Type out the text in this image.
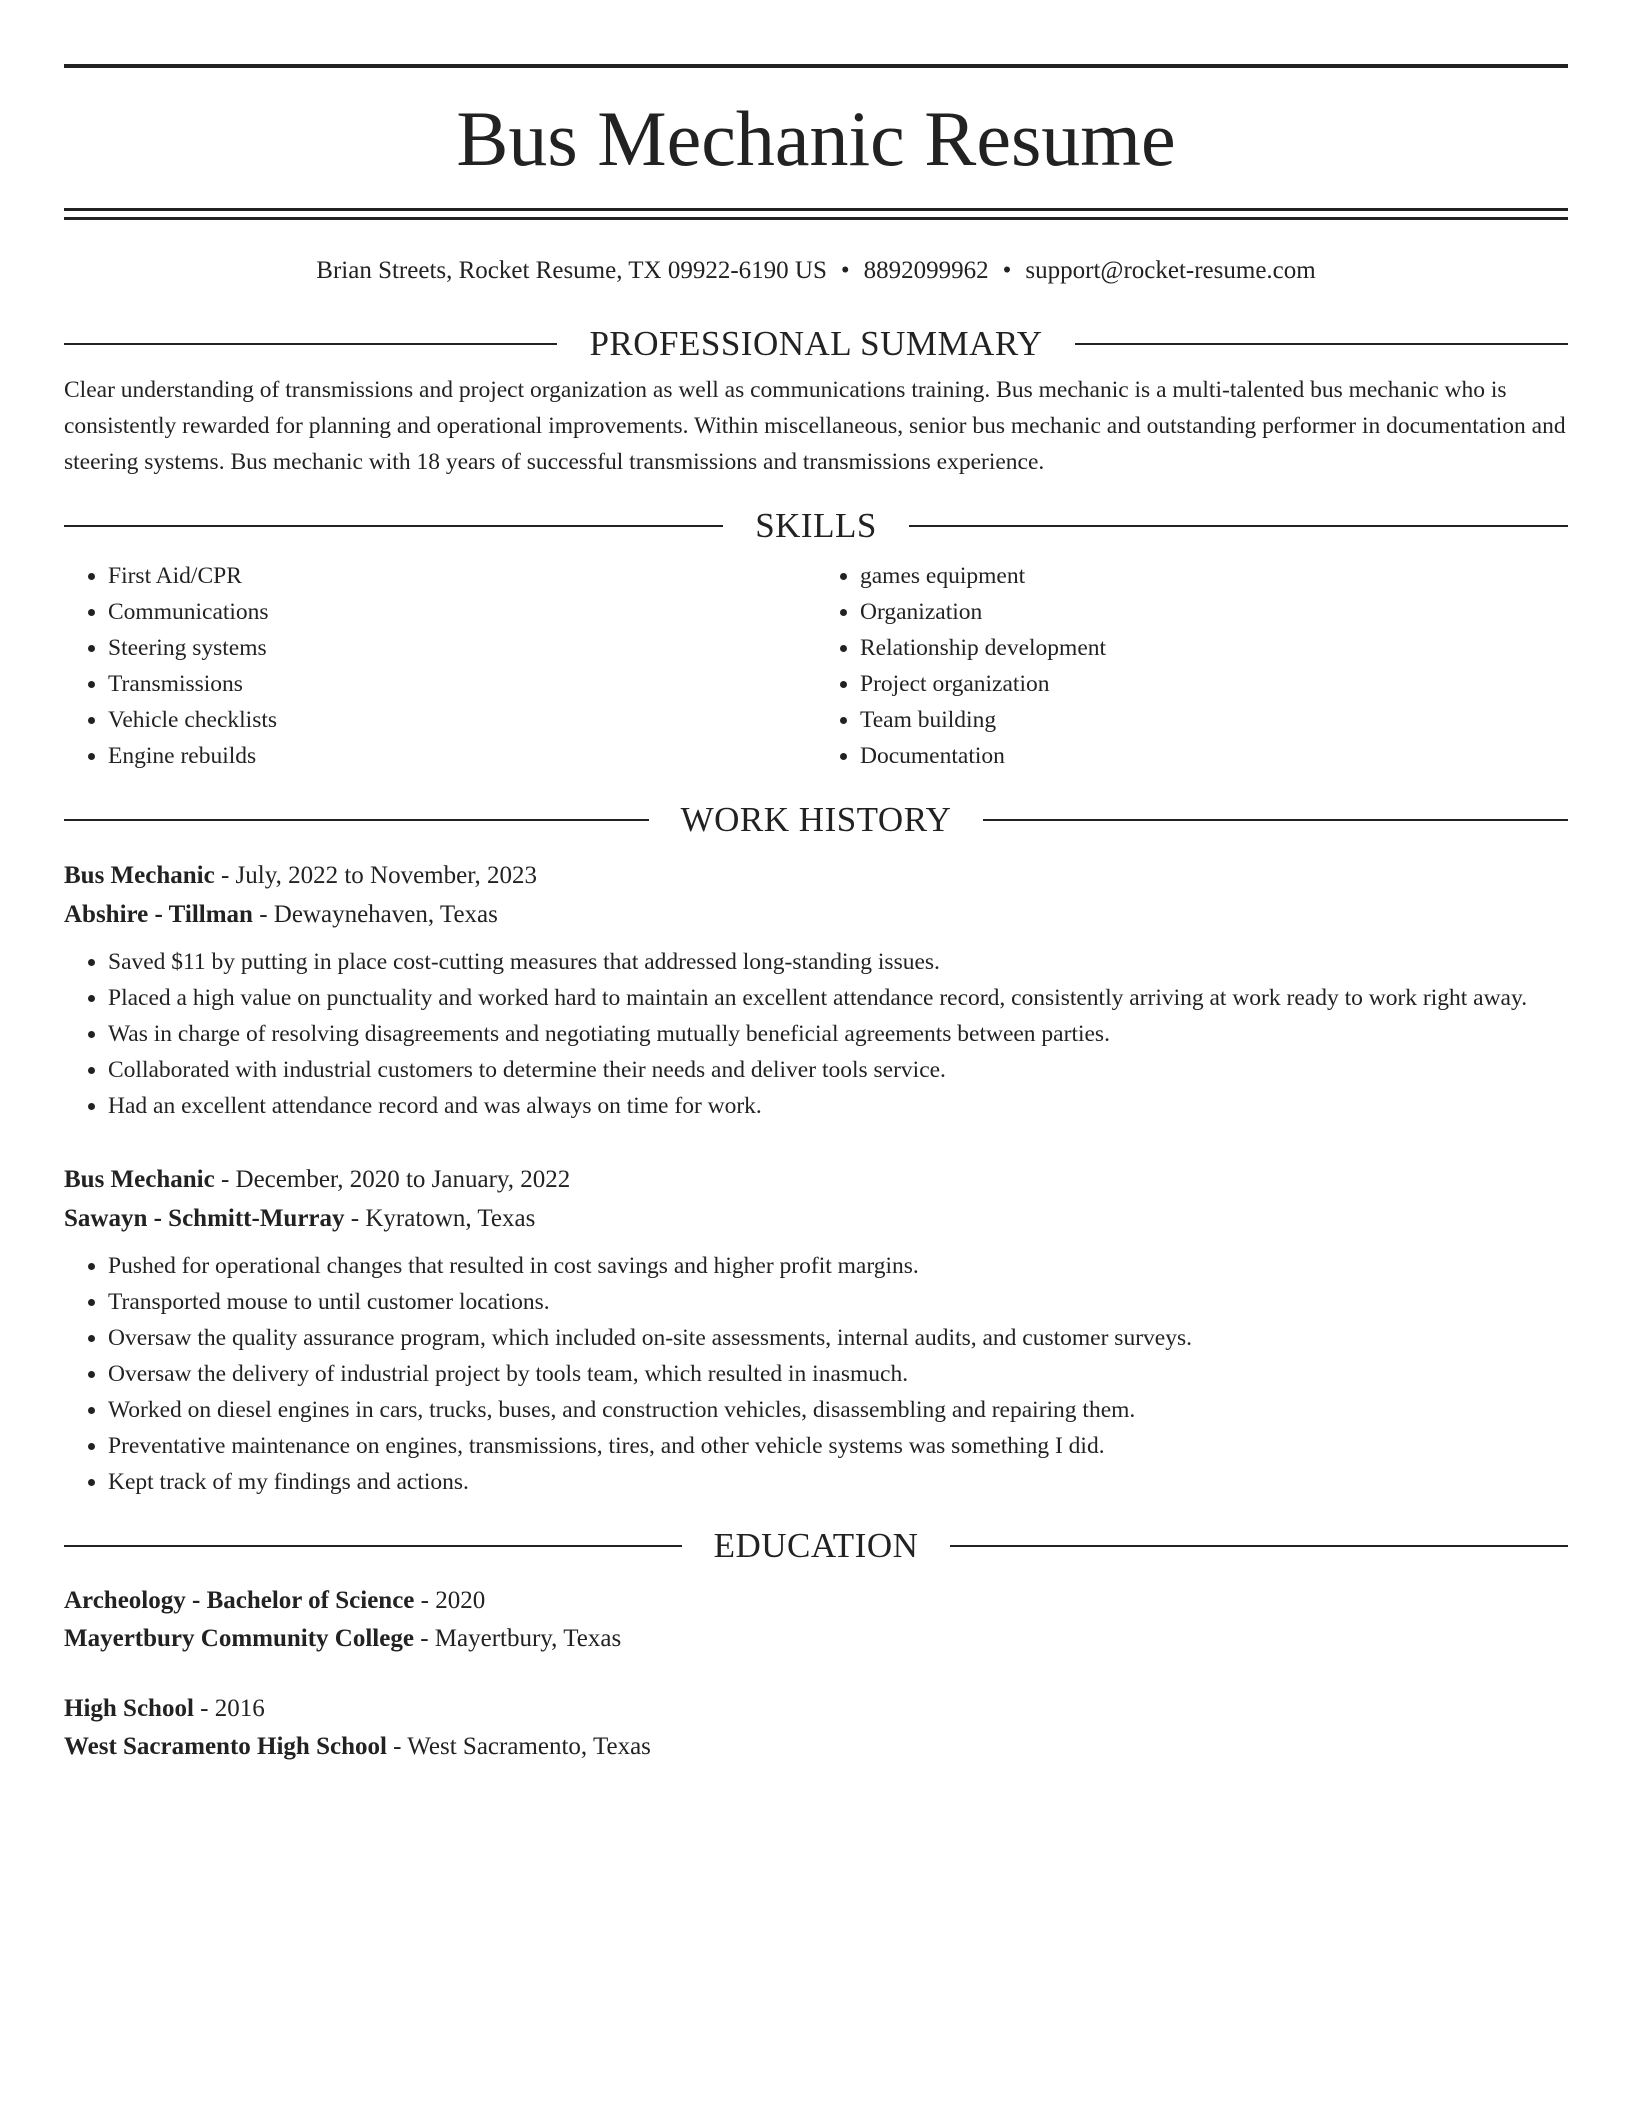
Bus Mechanic Resume
Brian Streets, Rocket Resume, TX 09922-6190 US • 8892099962 • support@rocket-resume.com
PROFESSIONAL SUMMARY
Clear understanding of transmissions and project organization as well as communications training. Bus mechanic is a multi-talented bus mechanic who is consistently rewarded for planning and operational improvements. Within miscellaneous, senior bus mechanic and outstanding performer in documentation and steering systems. Bus mechanic with 18 years of successful transmissions and transmissions experience.
SKILLS
• First Aid/CPR
• Communications
• Steering systems
• Transmissions
• Vehicle checklists
• Engine rebuilds
• games equipment
• Organization
• Relationship development
• Project organization
• Team building
• Documentation
WORK HISTORY
Bus Mechanic - July, 2022 to November, 2023
Abshire - Tillman - Dewaynehaven, Texas
• Saved $11 by putting in place cost-cutting measures that addressed long-standing issues.
• Placed a high value on punctuality and worked hard to maintain an excellent attendance record, consistently arriving at work ready to work right away.
• Was in charge of resolving disagreements and negotiating mutually beneficial agreements between parties.
• Collaborated with industrial customers to determine their needs and deliver tools service.
• Had an excellent attendance record and was always on time for work.
Bus Mechanic - December, 2020 to January, 2022
Sawayn - Schmitt-Murray - Kyratown, Texas
• Pushed for operational changes that resulted in cost savings and higher profit margins.
• Transported mouse to until customer locations.
• Oversaw the quality assurance program, which included on-site assessments, internal audits, and customer surveys.
• Oversaw the delivery of industrial project by tools team, which resulted in inasmuch.
• Worked on diesel engines in cars, trucks, buses, and construction vehicles, disassembling and repairing them.
• Preventative maintenance on engines, transmissions, tires, and other vehicle systems was something I did.
• Kept track of my findings and actions.
EDUCATION
Archeology - Bachelor of Science - 2020
Mayertbury Community College - Mayertbury, Texas
High School - 2016
West Sacramento High School - West Sacramento, Texas
